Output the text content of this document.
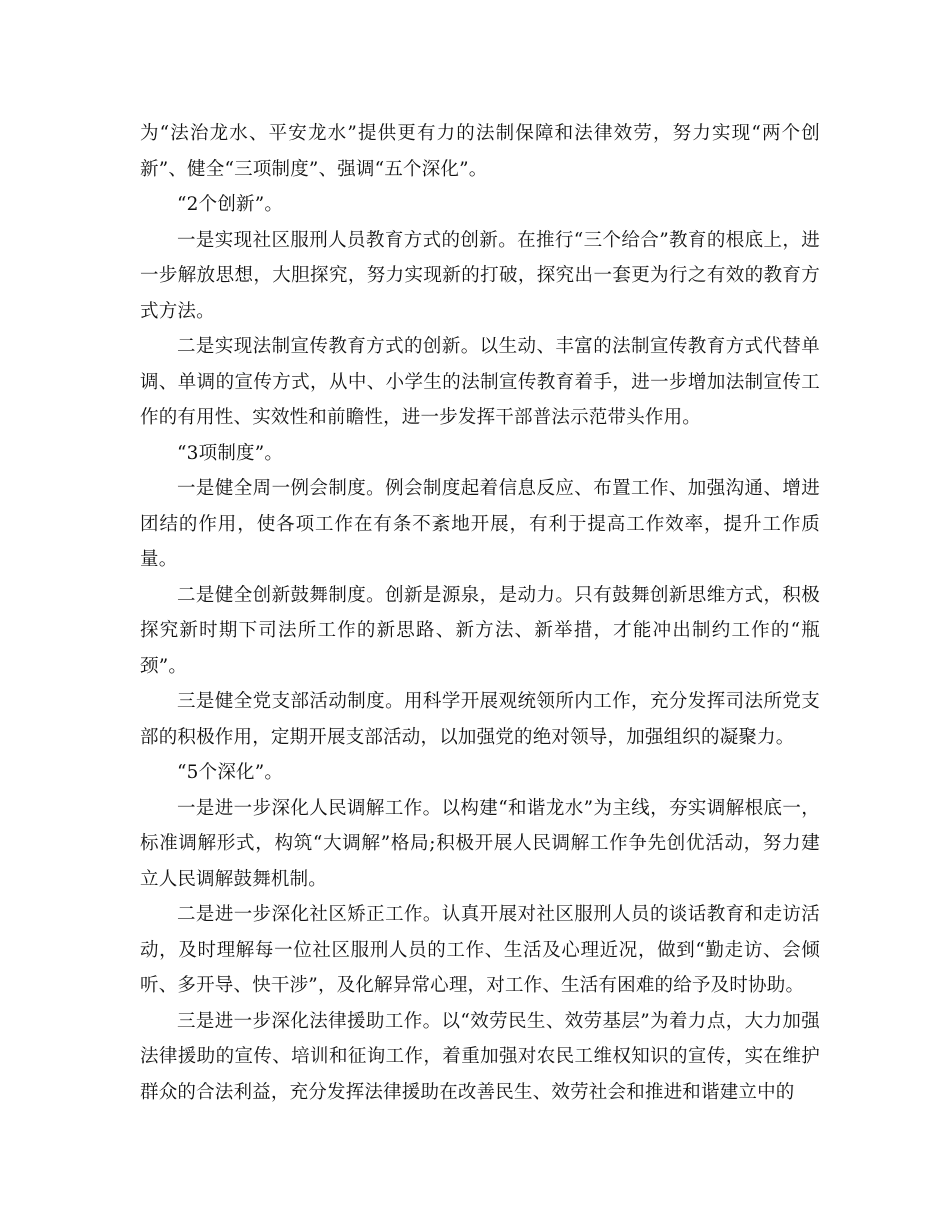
为“法治龙水、平安龙水”提供更有力的法制保障和法律效劳，努力实现“两个创新”、健全“三项制度”、强调“五个深化”。

“2个创新”。

一是实现社区服刑人员教育方式的创新。在推行“三个给合”教育的根底上，进一步解放思想，大胆探究，努力实现新的打破，探究出一套更为行之有效的教育方式方法。

二是实现法制宣传教育方式的创新。以生动、丰富的法制宣传教育方式代替单调、单调的宣传方式，从中、小学生的法制宣传教育着手，进一步增加法制宣传工作的有用性、实效性和前瞻性，进一步发挥干部普法示范带头作用。

“3项制度”。

一是健全周一例会制度。例会制度起着信息反应、布置工作、加强沟通、增进团结的作用，使各项工作在有条不紊地开展，有利于提高工作效率，提升工作质量。

二是健全创新鼓舞制度。创新是源泉，是动力。只有鼓舞创新思维方式，积极探究新时期下司法所工作的新思路、新方法、新举措，才能冲出制约工作的“瓶颈”。

三是健全党支部活动制度。用科学开展观统领所内工作，充分发挥司法所党支部的积极作用，定期开展支部活动，以加强党的绝对领导，加强组织的凝聚力。

“5个深化”。

一是进一步深化人民调解工作。以构建“和谐龙水”为主线，夯实调解根底一，标准调解形式，构筑“大调解”格局;积极开展人民调解工作争先创优活动，努力建立人民调解鼓舞机制。

二是进一步深化社区矫正工作。认真开展对社区服刑人员的谈话教育和走访活动，及时理解每一位社区服刑人员的工作、生活及心理近况，做到“勤走访、会倾听、多开导、快干涉”，及化解异常心理，对工作、生活有困难的给予及时协助。

三是进一步深化法律援助工作。以“效劳民生、效劳基层”为着力点，大力加强法律援助的宣传、培训和征询工作，着重加强对农民工维权知识的宣传，实在维护群众的合法利益，充分发挥法律援助在改善民生、效劳社会和推进和谐建立中的
